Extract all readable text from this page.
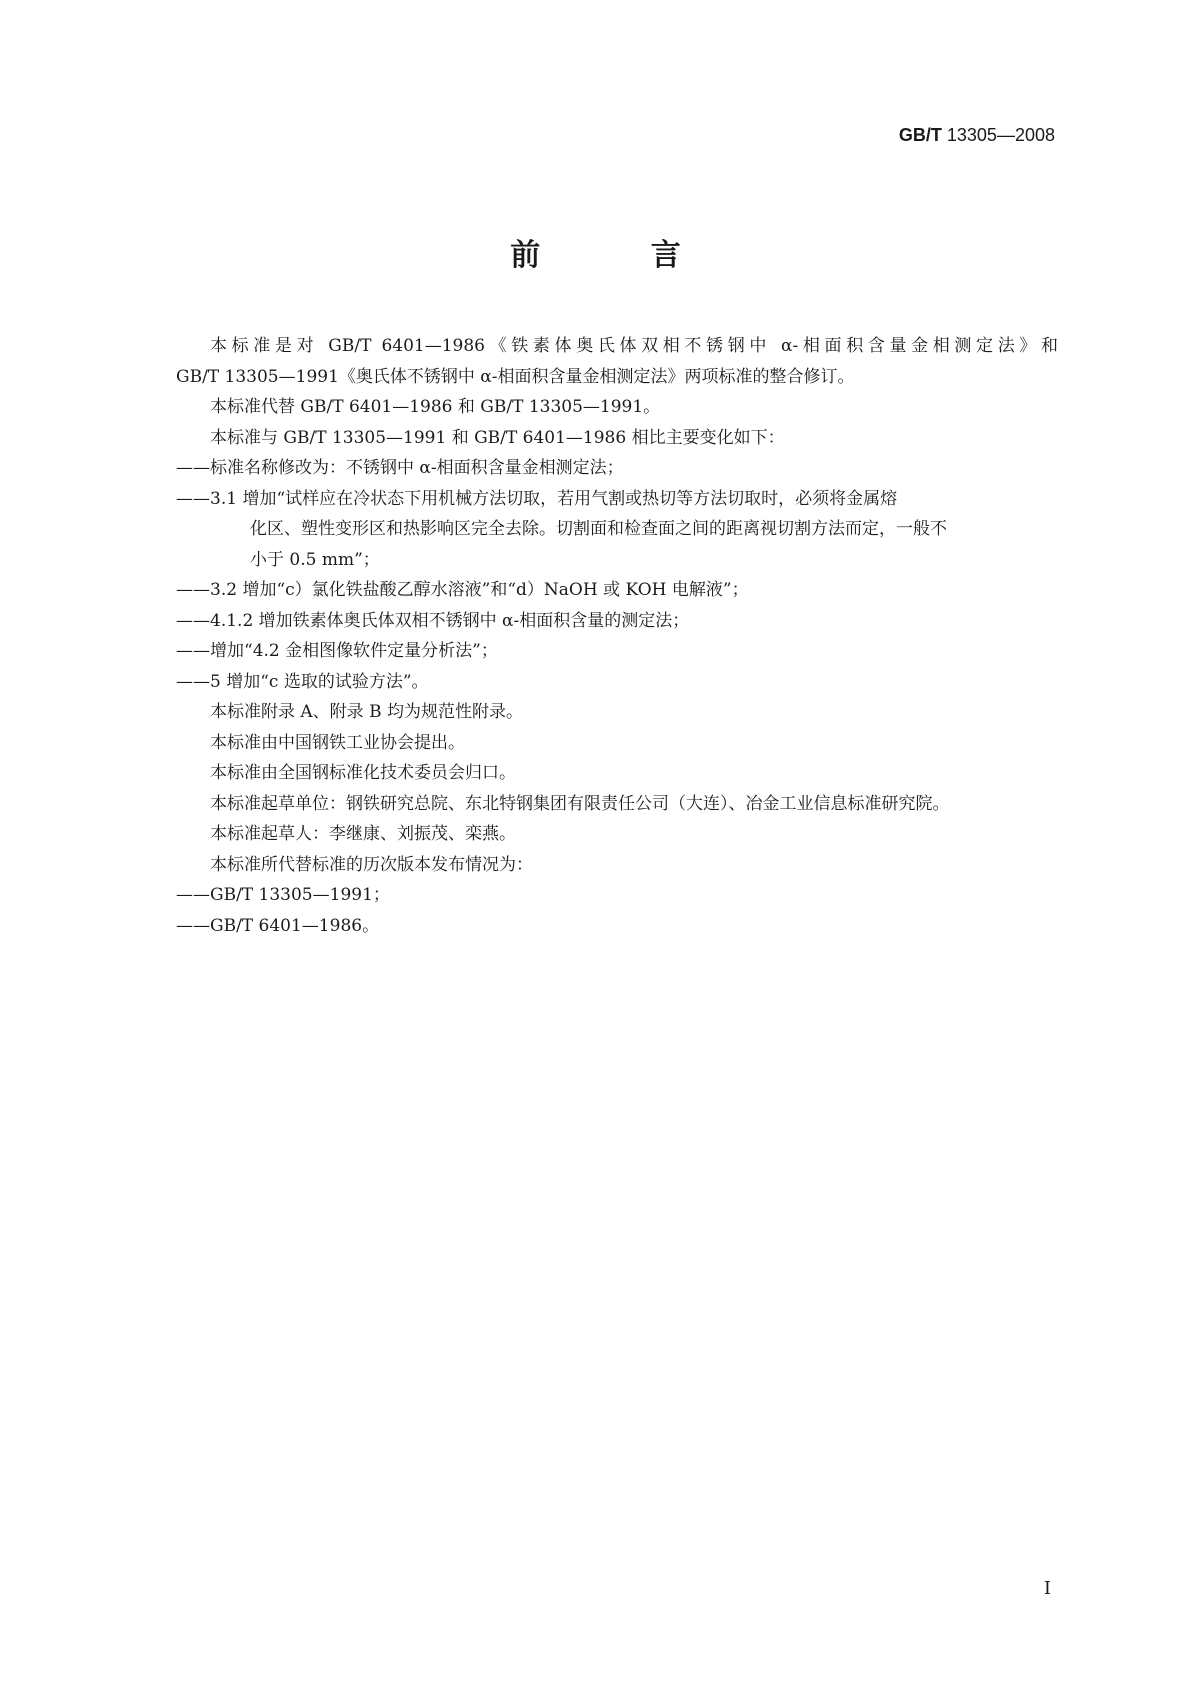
GB/T 13305—2008
前 言

本标准是对 GB/T 6401—1986《铁素体奥氏体双相不锈钢中 α-相面积含量金相测定法》和

GB/T 13305—1991《奥氏体不锈钢中 α-相面积含量金相测定法》两项标准的整合修订。

本标准代替 GB/T 6401—1986 和 GB/T 13305—1991。

本标准与 GB/T 13305—1991 和 GB/T 6401—1986 相比主要变化如下：

——标准名称修改为：不锈钢中 α-相面积含量金相测定法；
——3.1 增加“试样应在冷状态下用机械方法切取，若用气割或热切等方法切取时，必须将金属熔
化区、塑性变形区和热影响区完全去除。切割面和检查面之间的距离视切割方法而定，一般不
小于 0.5 mm”；
——3.2 增加“c）氯化铁盐酸乙醇水溶液”和“d）NaOH 或 KOH 电解液”；
——4.1.2 增加铁素体奥氏体双相不锈钢中 α-相面积含量的测定法；
——增加“4.2 金相图像软件定量分析法”；
——5 增加“c 选取的试验方法”。

本标准附录 A、附录 B 均为规范性附录。

本标准由中国钢铁工业协会提出。

本标准由全国钢标准化技术委员会归口。

本标准起草单位：钢铁研究总院、东北特钢集团有限责任公司（大连）、冶金工业信息标准研究院。

本标准起草人：李继康、刘振茂、栾燕。

本标准所代替标准的历次版本发布情况为：

——GB/T 13305—1991；
——GB/T 6401—1986。
I
